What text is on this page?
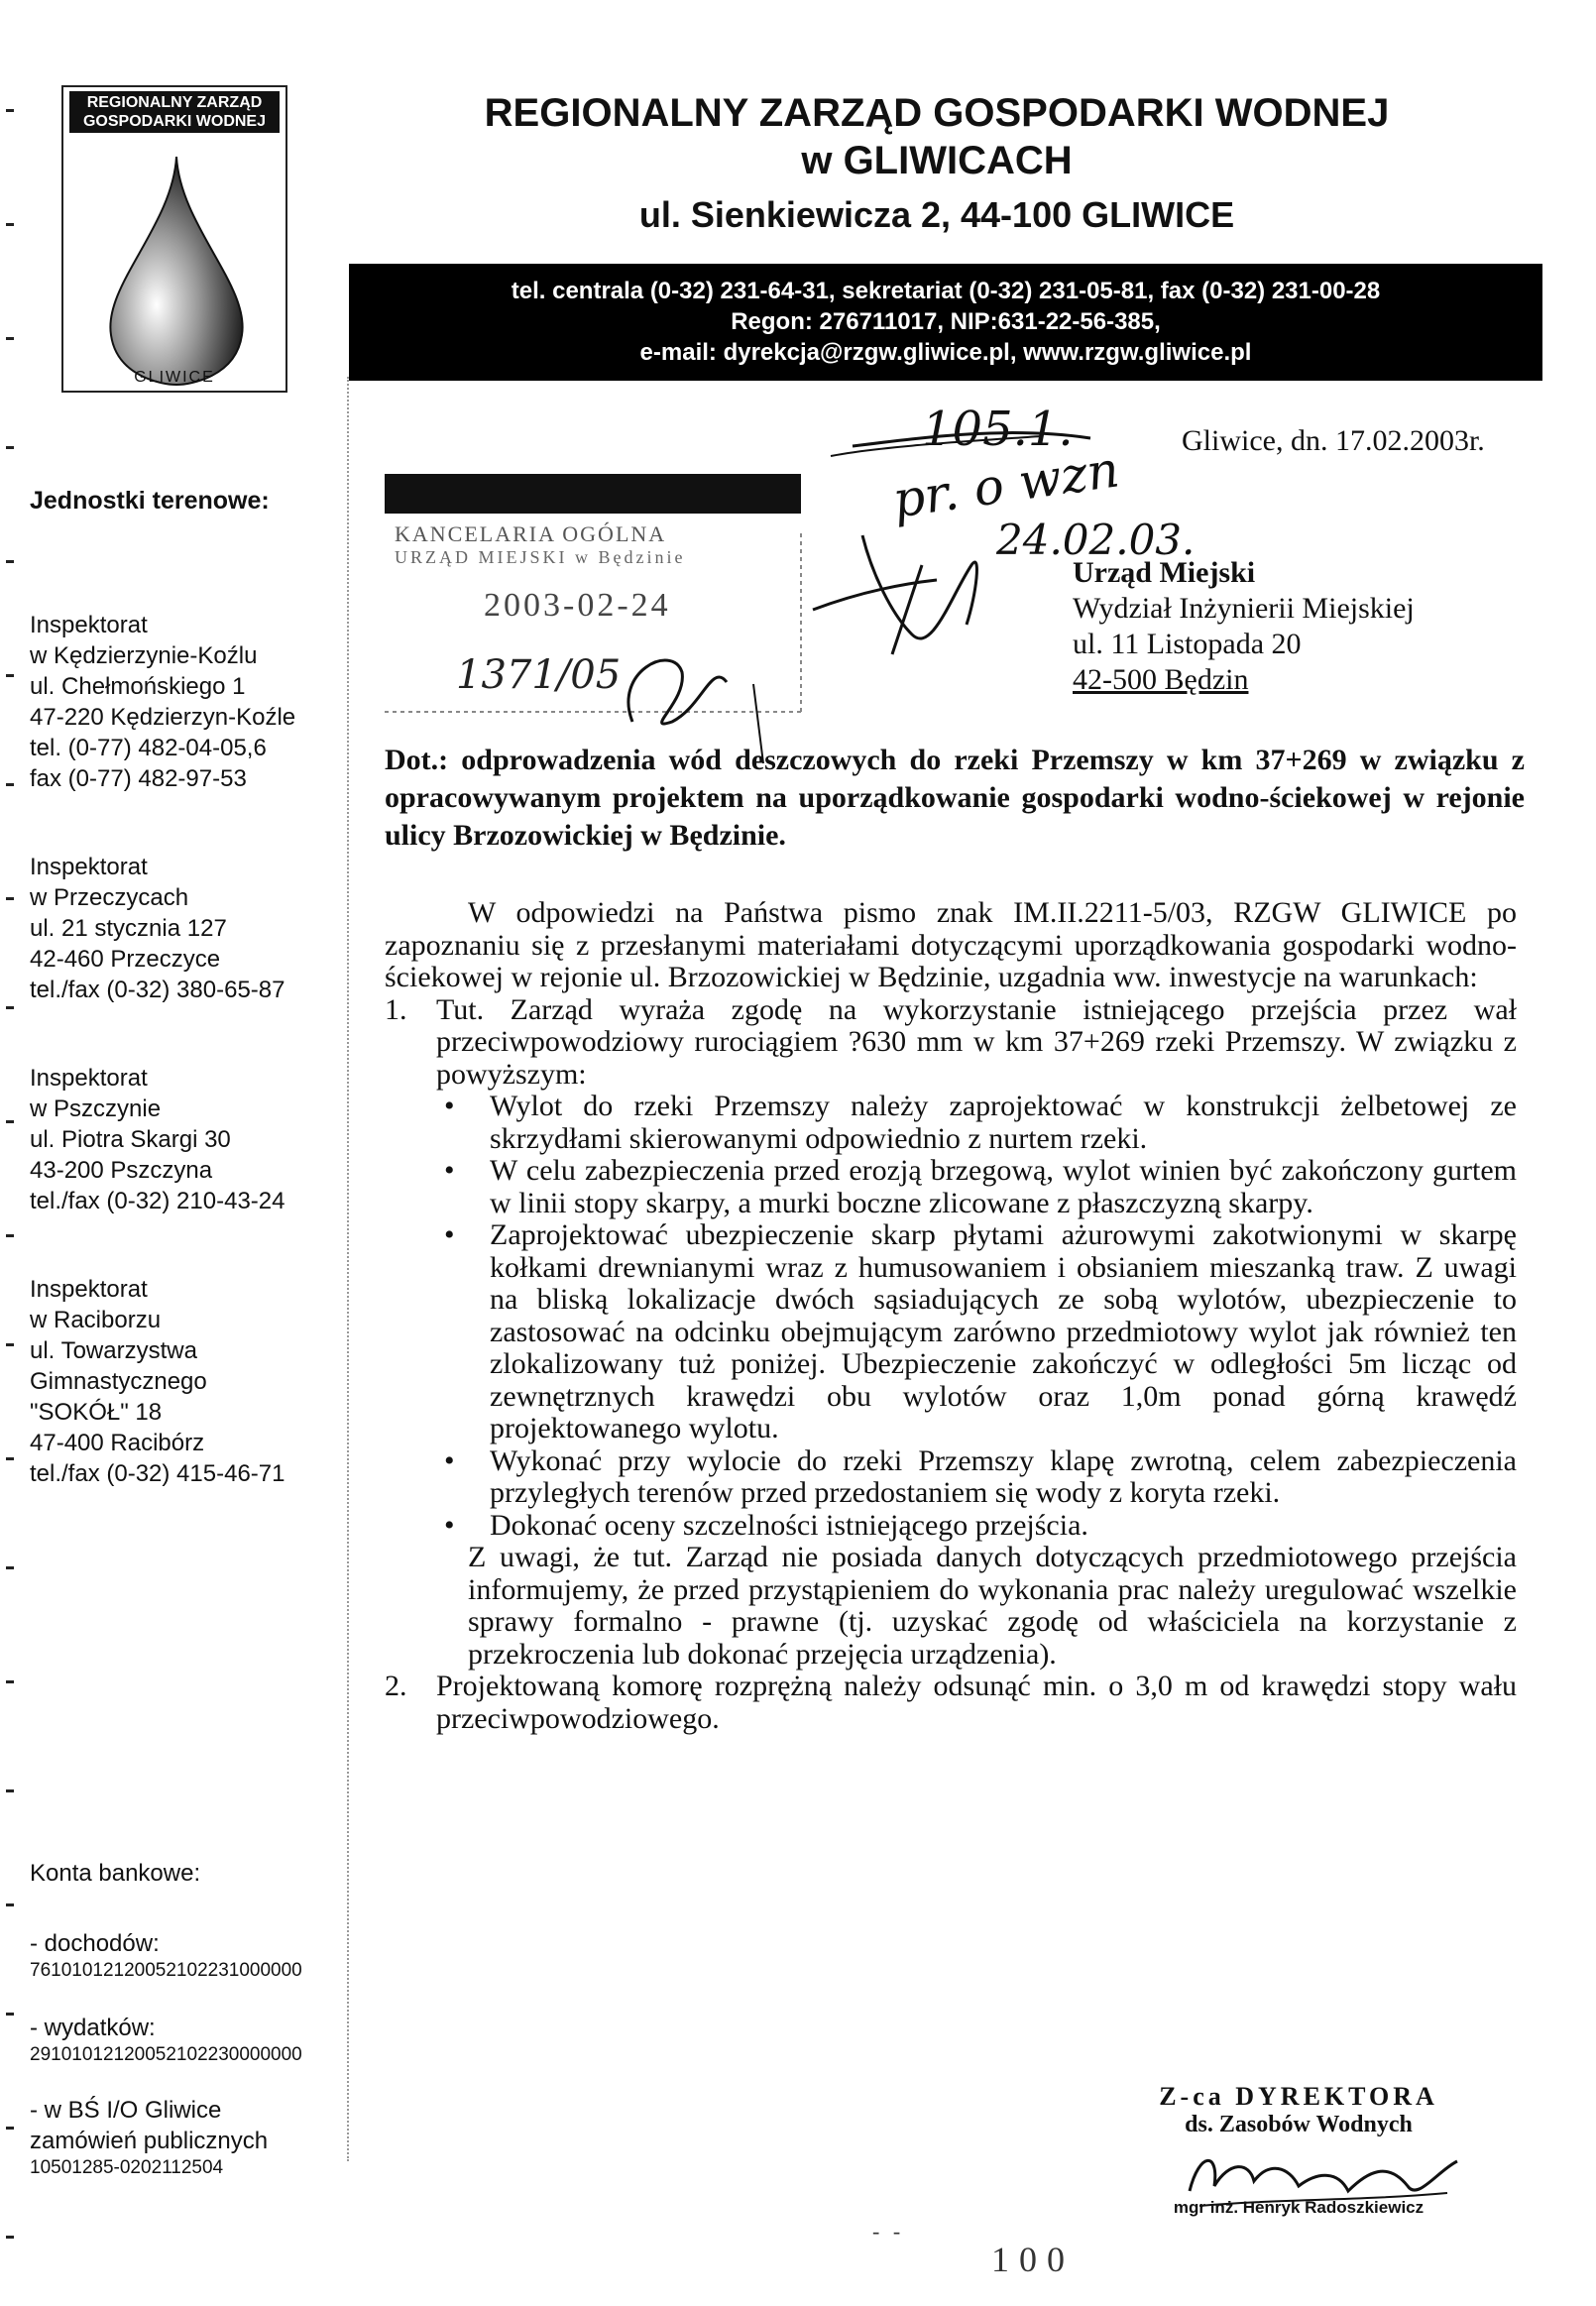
REGIONALNY ZARZĄD
GOSPODARKI WODNEJ
GLIWICE
REGIONALNY ZARZĄD GOSPODARKI WODNEJ
w GLIWICACH
ul. Sienkiewicza 2, 44-100 GLIWICE
tel. centrala (0-32) 231-64-31, sekretariat (0-32) 231-05-81, fax (0-32) 231-00-28
Regon: 276711017, NIP:631-22-56-385,
e-mail: dyrekcja@rzgw.gliwice.pl, www.rzgw.gliwice.pl
Jednostki terenowe:
Inspektorat
w Kędzierzynie-Koźlu
ul. Chełmońskiego 1
47-220 Kędzierzyn-Koźle
tel. (0-77) 482-04-05,6
fax (0-77) 482-97-53
Inspektorat
w Przeczycach
ul. 21 stycznia 127
42-460 Przeczyce
tel./fax (0-32) 380-65-87
Inspektorat
w Pszczynie
ul. Piotra Skargi 30
43-200 Pszczyna
tel./fax (0-32) 210-43-24
Inspektorat
w Raciborzu
ul. Towarzystwa
Gimnastycznego
"SOKÓŁ" 18
47-400 Racibórz
tel./fax (0-32) 415-46-71
Konta bankowe:
- dochodów:
76101012120052102231000000
- wydatków:
29101012120052102230000000
- w BŚ I/O Gliwice
zamówień publicznych
10501285-0202112504
KANCELARIA OGÓLNA
URZĄD MIEJSKI w Będzinie
2003-02-24
1371/05
105.1.
pr. o wzn
24.02.03.
Gliwice, dn. 17.02.2003r.
Urząd Miejski
Wydział Inżynierii Miejskiej
ul. 11 Listopada 20
42-500 Będzin
Dot.: odprowadzenia wód deszczowych do rzeki Przemszy w km 37+269 w związku z opracowywanym projektem na uporządkowanie gospodarki wodno-ściekowej w rejonie ulicy Brzozowickiej w Będzinie.

W odpowiedzi na Państwa pismo znak IM.II.2211-5/03, RZGW GLIWICE po zapoznaniu się z przesłanymi materiałami dotyczącymi uporządkowania gospodarki wodno-ściekowej w rejonie ul. Brzozowickiej w Będzinie, uzgadnia ww. inwestycje na warunkach:

1. Tut. Zarząd wyraża zgodę na wykorzystanie istniejącego przejścia przez wał przeciwpowodziowy rurociągiem ?630 mm w km 37+269 rzeki Przemszy. W związku z powyższym:

• Wylot do rzeki Przemszy należy zaprojektować w konstrukcji żelbetowej ze skrzydłami skierowanymi odpowiednio z nurtem rzeki.
• W celu zabezpieczenia przed erozją brzegową, wylot winien być zakończony gurtem w linii stopy skarpy, a murki boczne zlicowane z płaszczyzną skarpy.
• Zaprojektować ubezpieczenie skarp płytami ażurowymi zakotwionymi w skarpę kołkami drewnianymi wraz z humusowaniem i obsianiem mieszanką traw. Z uwagi na bliską lokalizacje dwóch sąsiadujących ze sobą wylotów, ubezpieczenie to zastosować na odcinku obejmującym zarówno przedmiotowy wylot jak również ten zlokalizowany tuż poniżej. Ubezpieczenie zakończyć w odległości 5m licząc od zewnętrznych krawędzi obu wylotów oraz 1,0m ponad górną krawędź projektowanego wylotu.
• Wykonać przy wylocie do rzeki Przemszy klapę zwrotną, celem zabezpieczenia przyległych terenów przed przedostaniem się wody z koryta rzeki.
• Dokonać oceny szczelności istniejącego przejścia.

Z uwagi, że tut. Zarząd nie posiada danych dotyczących przedmiotowego przejścia informujemy, że przed przystąpieniem do wykonania prac należy uregulować wszelkie sprawy formalno - prawne (tj. uzyskać zgodę od właściciela na korzystanie z przekroczenia lub dokonać przejęcia urządzenia).

2. Projektowaną komorę rozprężną należy odsunąć min. o 3,0 m od krawędzi stopy wału przeciwpowodziowego.

Z-ca DYREKTORA
ds. Zasobów Wodnych
mgr inż. Henryk Radoszkiewicz
- -
100
